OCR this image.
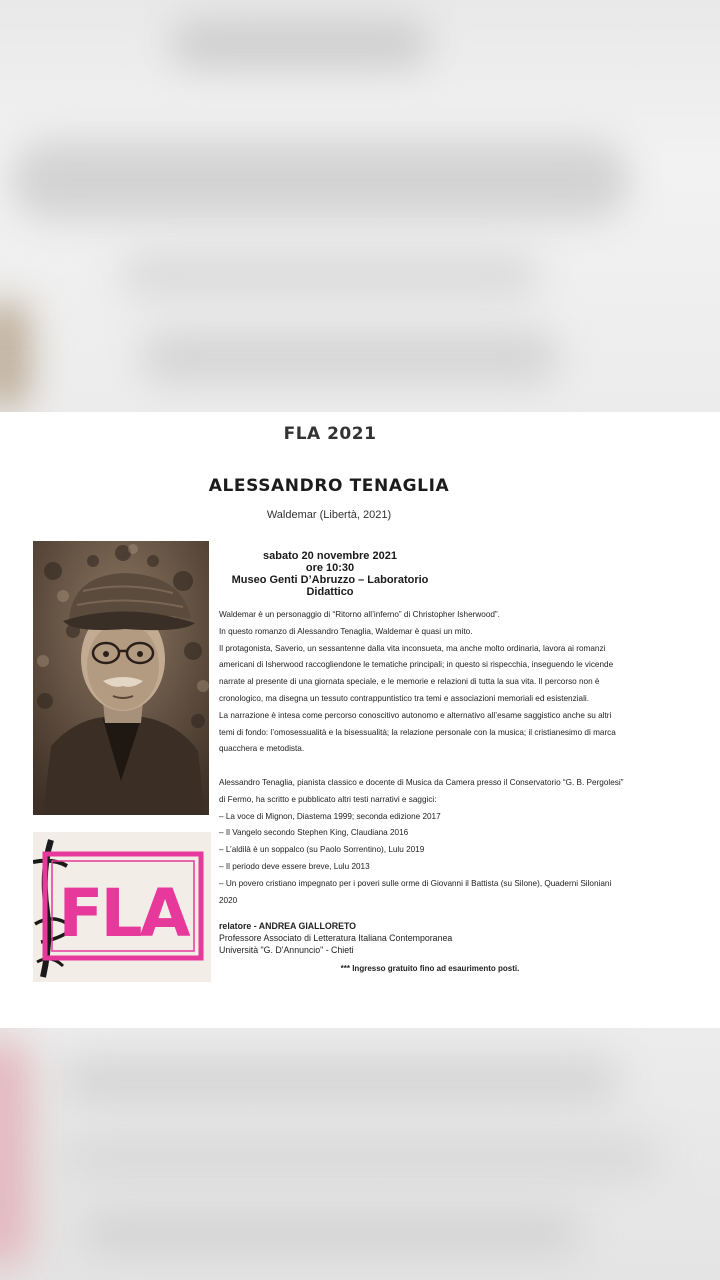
FLA 2021
ALESSANDRO TENAGLIA
Waldemar (Libertà, 2021)
sabato 20 novembre 2021
ore 10:30
Museo Genti D’Abruzzo – Laboratorio Didattico

Waldemar è un personaggio di “Ritorno all’inferno” di Christopher Isherwood”.

In questo romanzo di Alessandro Tenaglia, Waldemar è quasi un mito.

Il protagonista, Saverio, un sessantenne dalla vita inconsueta, ma anche molto ordinaria, lavora ai romanzi

americani di Isherwood raccogliendone le tematiche principali; in questo si rispecchia, inseguendo le vicende

narrate al presente di una giornata speciale, e le memorie e relazioni di tutta la sua vita. Il percorso non è

cronologico, ma disegna un tessuto contrappuntistico tra temi e associazioni memoriali ed esistenziali.

La narrazione è intesa come percorso conoscitivo autonomo e alternativo all’esame saggistico anche su altri

temi di fondo: l’omosessualità e la bisessualità; la relazione personale con la musica; il cristianesimo di marca

quacchera e metodista.

Alessandro Tenaglia, pianista classico e docente di Musica da Camera presso il Conservatorio “G. B. Pergolesi”

di Fermo, ha scritto e pubblicato altri testi narrativi e saggici:

– La voce di Mignon, Diastema 1999; seconda edizione 2017

– Il Vangelo secondo Stephen King, Claudiana 2016

– L’aldilà è un soppalco (su Paolo Sorrentino), Lulu 2019

– Il periodo deve essere breve, Lulu 2013

– Un povero cristiano impegnato per i poveri sulle orme di Giovanni il Battista (su Silone), Quaderni Siloniani

2020

FLA	relatore - ANDREA GIALLORETO
Professore Associato di Letteratura Italiana Contemporanea
Università "G. D'Annuncio" - Chieti
*** Ingresso gratuito fino ad esaurimento posti.
